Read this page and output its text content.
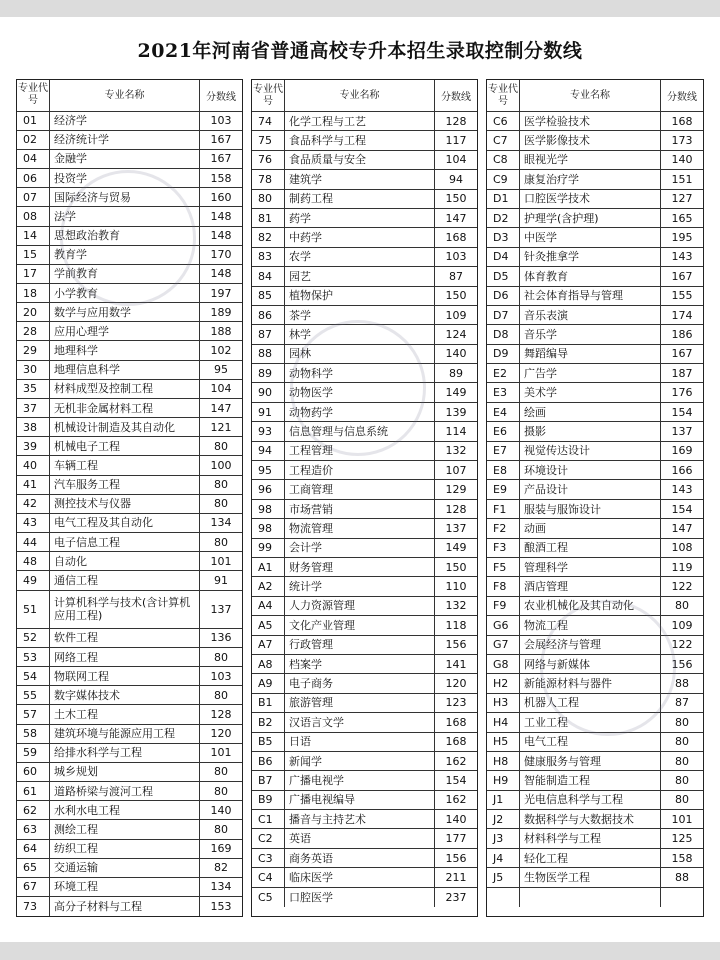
2021年河南省普通高校专升本招生录取控制分数线
专业代号	专业名称	分数线
01	经济学	103
02	经济统计学	167
04	金融学	167
06	投资学	158
07	国际经济与贸易	160
08	法学	148
14	思想政治教育	148
15	教育学	170
17	学前教育	148
18	小学教育	197
20	数学与应用数学	189
28	应用心理学	188
29	地理科学	102
30	地理信息科学	95
35	材料成型及控制工程	104
37	无机非金属材料工程	147
38	机械设计制造及其自动化	121
39	机械电子工程	80
40	车辆工程	100
41	汽车服务工程	80
42	测控技术与仪器	80
43	电气工程及其自动化	134
44	电子信息工程	80
48	自动化	101
49	通信工程	91
51	计算机科学与技术(含计算机应用工程)	137
52	软件工程	136
53	网络工程	80
54	物联网工程	103
55	数字媒体技术	80
57	土木工程	128
58	建筑环境与能源应用工程	120
59	给排水科学与工程	101
60	城乡规划	80
61	道路桥梁与渡河工程	80
62	水利水电工程	140
63	测绘工程	80
64	纺织工程	169
65	交通运输	82
67	环境工程	134
73	高分子材料与工程	153
专业代号	专业名称	分数线
74	化学工程与工艺	128
75	食品科学与工程	117
76	食品质量与安全	104
78	建筑学	94
80	制药工程	150
81	药学	147
82	中药学	168
83	农学	103
84	园艺	87
85	植物保护	150
86	茶学	109
87	林学	124
88	园林	140
89	动物科学	89
90	动物医学	149
91	动物药学	139
93	信息管理与信息系统	114
94	工程管理	132
95	工程造价	107
96	工商管理	129
98	市场营销	128
98	物流管理	137
99	会计学	149
A1	财务管理	150
A2	统计学	110
A4	人力资源管理	132
A5	文化产业管理	118
A7	行政管理	156
A8	档案学	141
A9	电子商务	120
B1	旅游管理	123
B2	汉语言文学	168
B5	日语	168
B6	新闻学	162
B7	广播电视学	154
B9	广播电视编导	162
C1	播音与主持艺术	140
C2	英语	177
C3	商务英语	156
C4	临床医学	211
C5	口腔医学	237
专业代号	专业名称	分数线
C6	医学检验技术	168
C7	医学影像技术	173
C8	眼视光学	140
C9	康复治疗学	151
D1	口腔医学技术	127
D2	护理学(含护理)	165
D3	中医学	195
D4	针灸推拿学	143
D5	体育教育	167
D6	社会体育指导与管理	155
D7	音乐表演	174
D8	音乐学	186
D9	舞蹈编导	167
E2	广告学	187
E3	美术学	176
E4	绘画	154
E6	摄影	137
E7	视觉传达设计	169
E8	环境设计	166
E9	产品设计	143
F1	服装与服饰设计	154
F2	动画	147
F3	酿酒工程	108
F5	管理科学	119
F8	酒店管理	122
F9	农业机械化及其自动化	80
G6	物流工程	109
G7	会展经济与管理	122
G8	网络与新媒体	156
H2	新能源材料与器件	88
H3	机器人工程	87
H4	工业工程	80
H5	电气工程	80
H8	健康服务与管理	80
H9	智能制造工程	80
J1	光电信息科学与工程	80
J2	数据科学与大数据技术	101
J3	材料科学与工程	125
J4	轻化工程	158
J5	生物医学工程	88
